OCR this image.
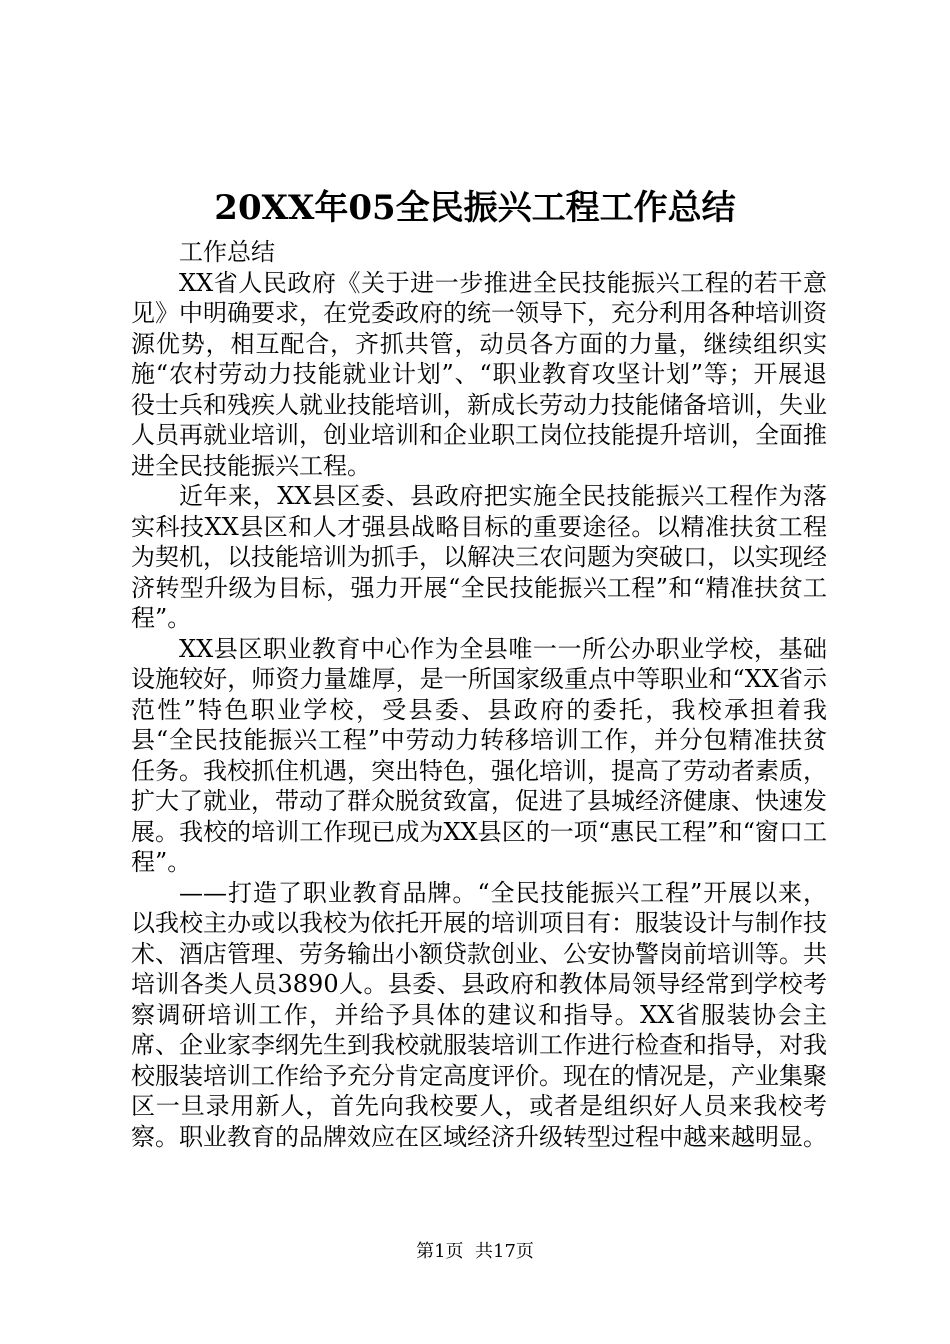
20XX年05全民振兴工程工作总结

工作总结

XX省人民政府《关于进一步推进全民技能振兴工程的若干意见》中明确要求，在党委政府的统一领导下，充分利用各种培训资源优势，相互配合，齐抓共管，动员各方面的力量，继续组织实施“农村劳动力技能就业计划”、“职业教育攻坚计划”等；开展退役士兵和残疾人就业技能培训，新成长劳动力技能储备培训，失业人员再就业培训，创业培训和企业职工岗位技能提升培训，全面推进全民技能振兴工程。

近年来，XX县区委、县政府把实施全民技能振兴工程作为落实科技XX县区和人才强县战略目标的重要途径。以精准扶贫工程为契机，以技能培训为抓手，以解决三农问题为突破口，以实现经济转型升级为目标，强力开展“全民技能振兴工程”和“精准扶贫工程”。

XX县区职业教育中心作为全县唯一一所公办职业学校，基础设施较好，师资力量雄厚，是一所国家级重点中等职业和“XX省示范性”特色职业学校，受县委、县政府的委托，我校承担着我县“全民技能振兴工程”中劳动力转移培训工作，并分包精准扶贫任务。我校抓住机遇，突出特色，强化培训，提高了劳动者素质，扩大了就业，带动了群众脱贫致富，促进了县城经济健康、快速发展。我校的培训工作现已成为XX县区的一项“惠民工程”和“窗口工程”。

——打造了职业教育品牌。“全民技能振兴工程”开展以来，以我校主办或以我校为依托开展的培训项目有：服装设计与制作技术、酒店管理、劳务输出小额贷款创业、公安协警岗前培训等。共培训各类人员3890人。县委、县政府和教体局领导经常到学校考察调研培训工作，并给予具体的建议和指导。XX省服装协会主席、企业家李纲先生到我校就服装培训工作进行检查和指导，对我校服装培训工作给予充分肯定高度评价。现在的情况是，产业集聚区一旦录用新人，首先向我校要人，或者是组织好人员来我校考察。职业教育的品牌效应在区域经济升级转型过程中越来越明显。

第1页 共17页
